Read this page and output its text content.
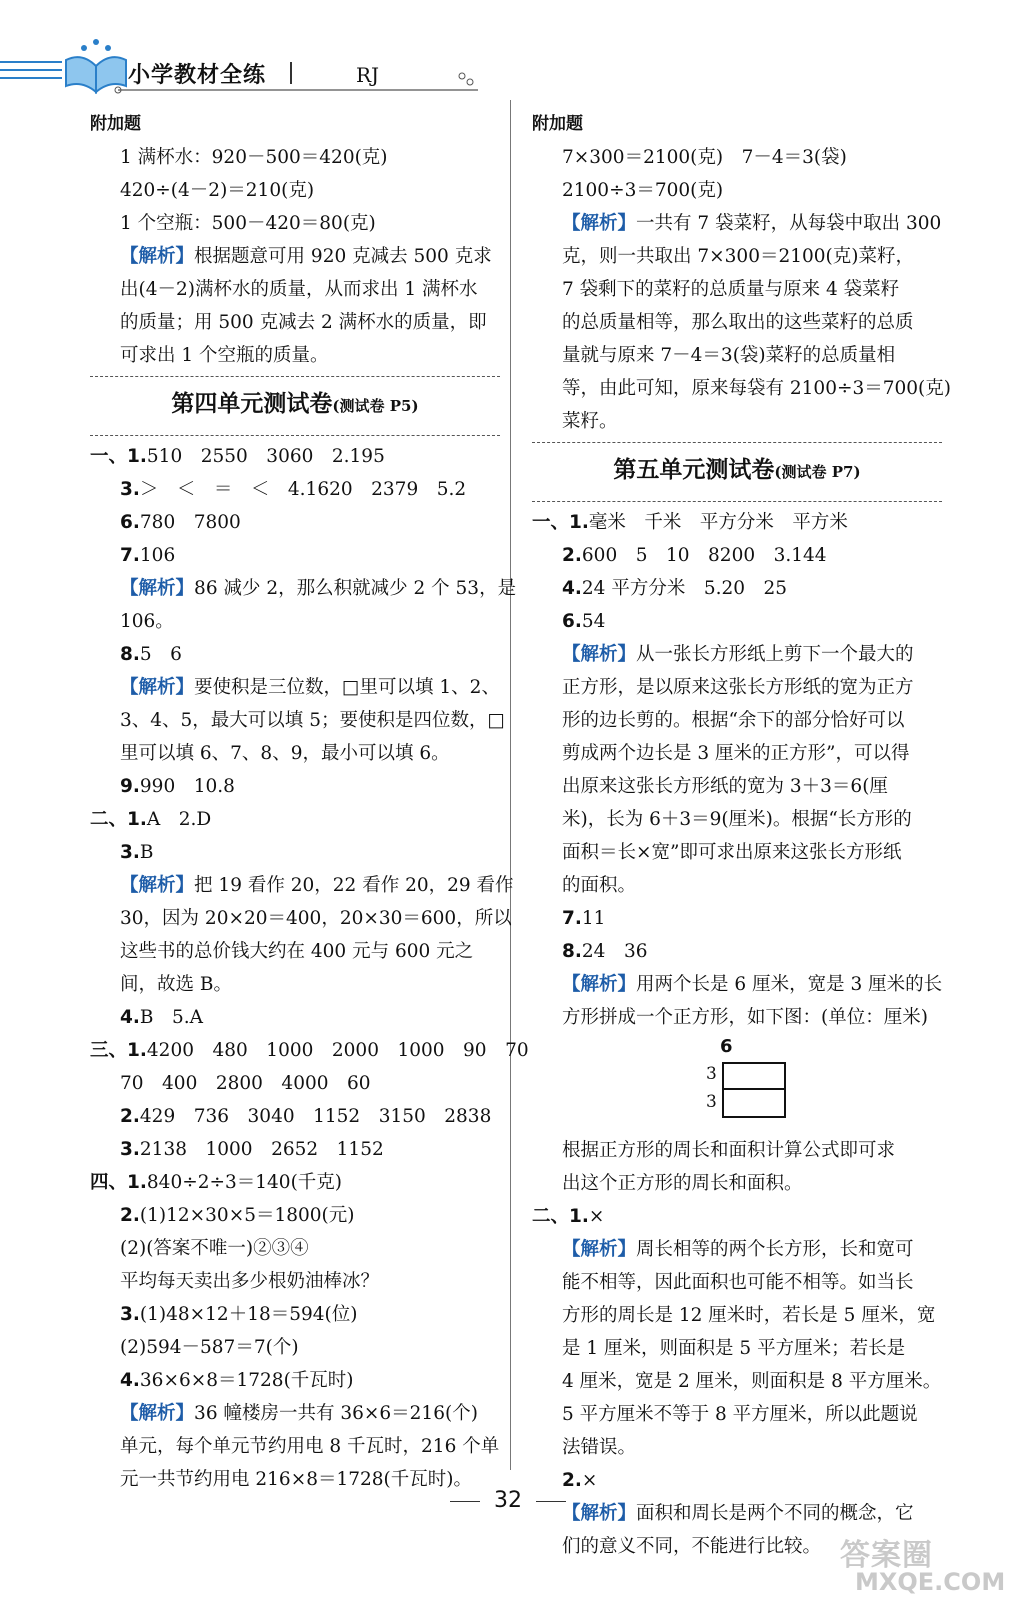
小学教材全练	RJ
附加题
1 满杯水：920－500＝420(克)
420÷(4－2)＝210(克)
1 个空瓶：500－420＝80(克)
【 解析 】 根据题意可用 920 克减去 500 克求
出(4－2)满杯水的质量，从而求出 1 满杯水
的质量；用 500 克减去 2 满杯水的质量，即
可求出 1 个空瓶的质量。
第四单元测试卷(测试卷 P5)
一、1.510　2550　3060　2.195
3.＞　＜　＝　＜　4.1620　2379　5.2
6.780　7800
7.106
【 解析 】 86 减少 2，那么积就减少 2 个 53，是
106。
8.5　6
【 解析 】 要使积是三位数，□里可以填 1、2、
3、4、5，最大可以填 5；要使积是四位数，□
里可以填 6、7、8、9，最小可以填 6。
9.990　10.8
二、1.A　2.D
3.B
【 解析 】 把 19 看作 20，22 看作 20，29 看作
30，因为 20×20＝400，20×30＝600，所以
这些书的总价钱大约在 400 元与 600 元之
间，故选 B。
4.B　5.A
三、1.4200　480　1000　2000　1000　90　70
70　400　2800　4000　60
2.429　736　3040　1152　3150　2838
3.2138　1000　2652　1152
四、1.840÷2÷3＝140(千克)
2.(1)12×30×5＝1800(元)
(2)(答案不唯一)②③④
平均每天卖出多少根奶油棒冰？
3.(1)48×12＋18＝594(位)
(2)594－587＝7(个)
4.36×6×8＝1728(千瓦时)
【 解析 】 36 幢楼房一共有 36×6＝216(个)
单元，每个单元节约用电 8 千瓦时，216 个单
元一共节约用电 216×8＝1728(千瓦时)。
附加题
7×300＝2100(克)　7－4＝3(袋)
2100÷3＝700(克)
【 解析 】 一共有 7 袋菜籽，从每袋中取出 300
克，则一共取出 7×300＝2100(克)菜籽，
7 袋剩下的菜籽的总质量与原来 4 袋菜籽
的总质量相等，那么取出的这些菜籽的总质
量就与原来 7－4＝3(袋)菜籽的总质量相
等，由此可知，原来每袋有 2100÷3＝700(克)
菜籽。
第五单元测试卷(测试卷 P7)
一、1.毫米　千米　平方分米　平方米
2.600　5　10　8200　3.144
4.24 平方分米　5.20　25
6.54
【 解析 】 从一张长方形纸上剪下一个最大的
正方形，是以原来这张长方形纸的宽为正方
形的边长剪的。根据“余下的部分恰好可以
剪成两个边长是 3 厘米的正方形”，可以得
出原来这张长方形纸的宽为 3＋3＝6(厘
米)，长为 6＋3＝9(厘米)。根据“长方形的
面积＝长×宽”即可求出原来这张长方形纸
的面积。
7.11
8.24　36
【 解析 】 用两个长是 6 厘米，宽是 3 厘米的长
方形拼成一个正方形，如下图：(单位：厘米)
6
3
3
根据正方形的周长和面积计算公式即可求
出这个正方形的周长和面积。
二、1.×
【 解析 】 周长相等的两个长方形，长和宽可
能不相等，因此面积也可能不相等。如当长
方形的周长是 12 厘米时，若长是 5 厘米，宽
是 1 厘米，则面积是 5 平方厘米；若长是
4 厘米，宽是 2 厘米，则面积是 8 平方厘米。
5 平方厘米不等于 8 平方厘米，所以此题说
法错误。
2.×
【 解析 】 面积和周长是两个不同的概念，它
们的意义不同，不能进行比较。
32
答案圈
MXQE.COM
